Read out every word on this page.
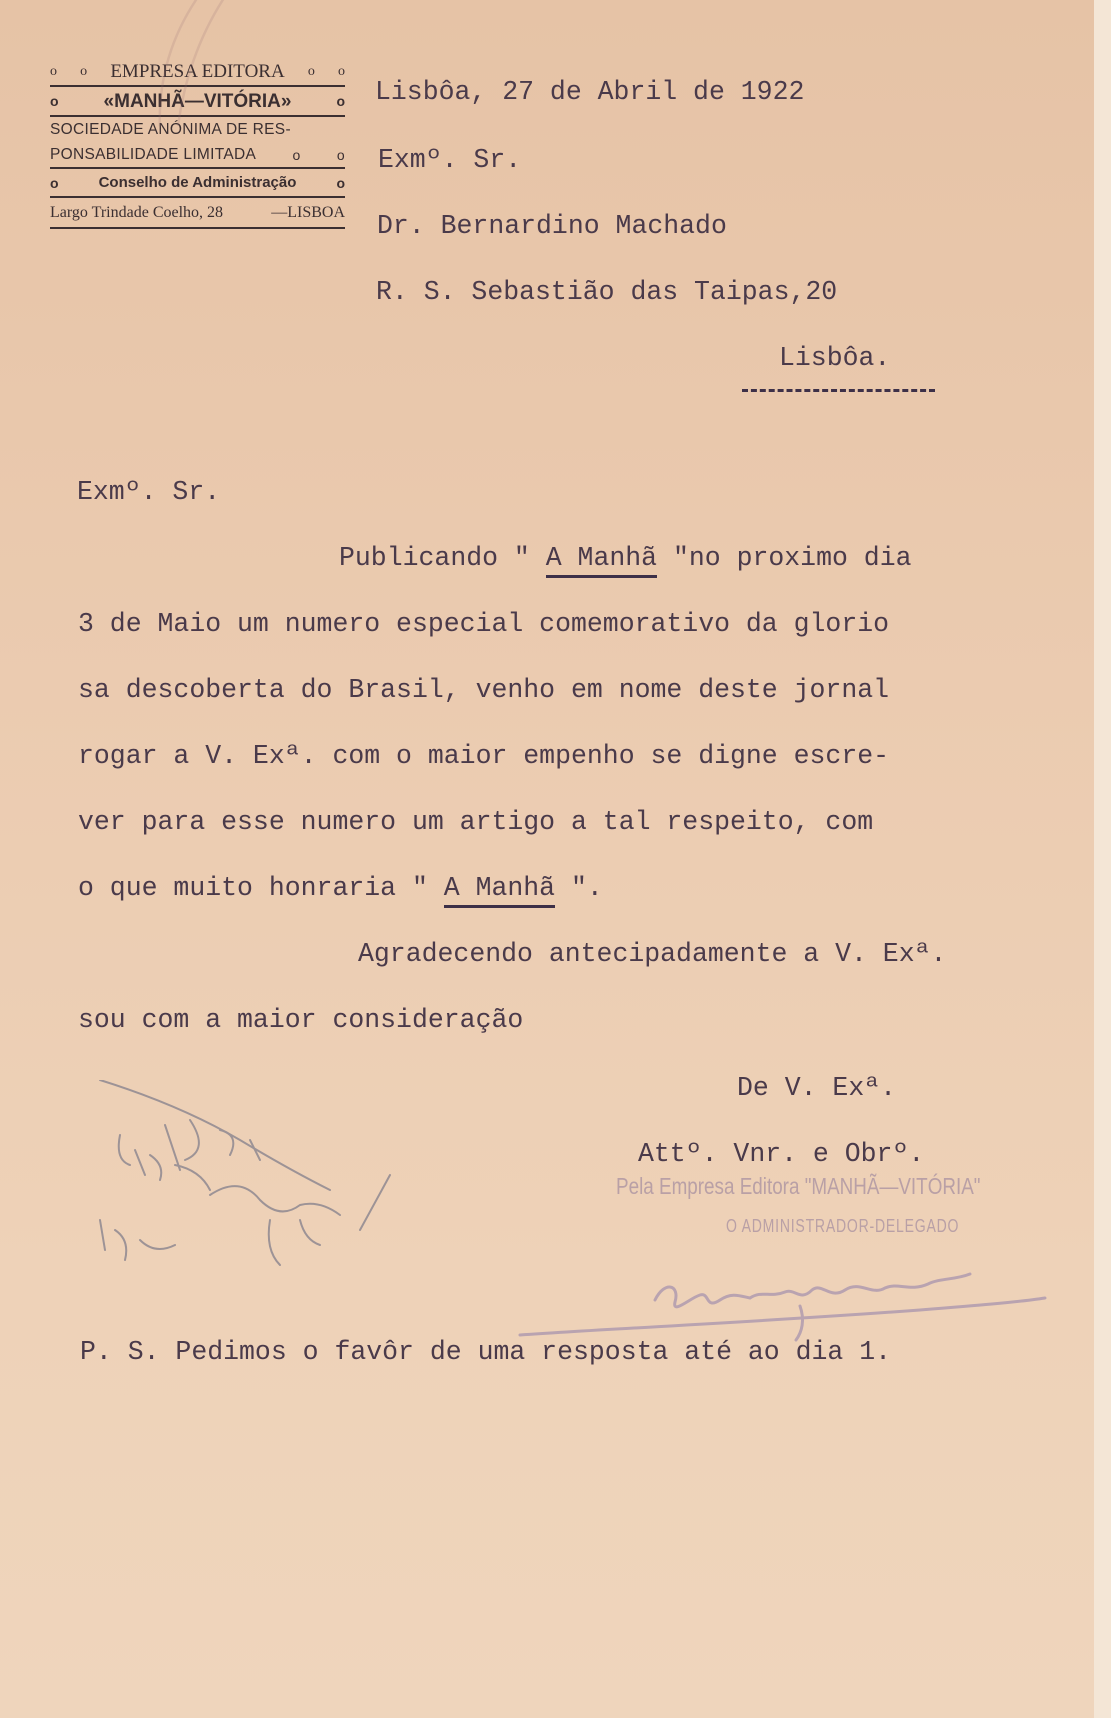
o o EMPRESA EDITORA o o
o «MANHÃ—VITÓRIA»	o
SOCIEDADE ANÓNIMA DE RES-
PONSABILIDADE LIMITADA	o	o
o	Conselho de Administração	o
Largo Trindade Coelho, 28	—LISBOA

Lisbôa, 27 de Abril de 1922

Exmº. Sr.

Dr. Bernardino Machado

R. S. Sebastião das Taipas,20

Lisbôa.

Exmº. Sr.

Publicando " A Manhã "no proximo dia

3 de Maio um numero especial comemorativo da glorio

sa descoberta do Brasil, venho em nome deste jornal

rogar a V. Exª. com o maior empenho se digne escre-

ver para esse numero um artigo a tal respeito, com

o que muito honraria " A Manhã ".

Agradecendo antecipadamente a V. Exª.

sou com a maior consideração

De V. Exª.

Attº. Vnr. e Obrº.

Pela Empresa Editora "MANHÃ—VITÓRIA"

O ADMINISTRADOR-DELEGADO

P. S. Pedimos o favôr de uma resposta até ao dia 1.
